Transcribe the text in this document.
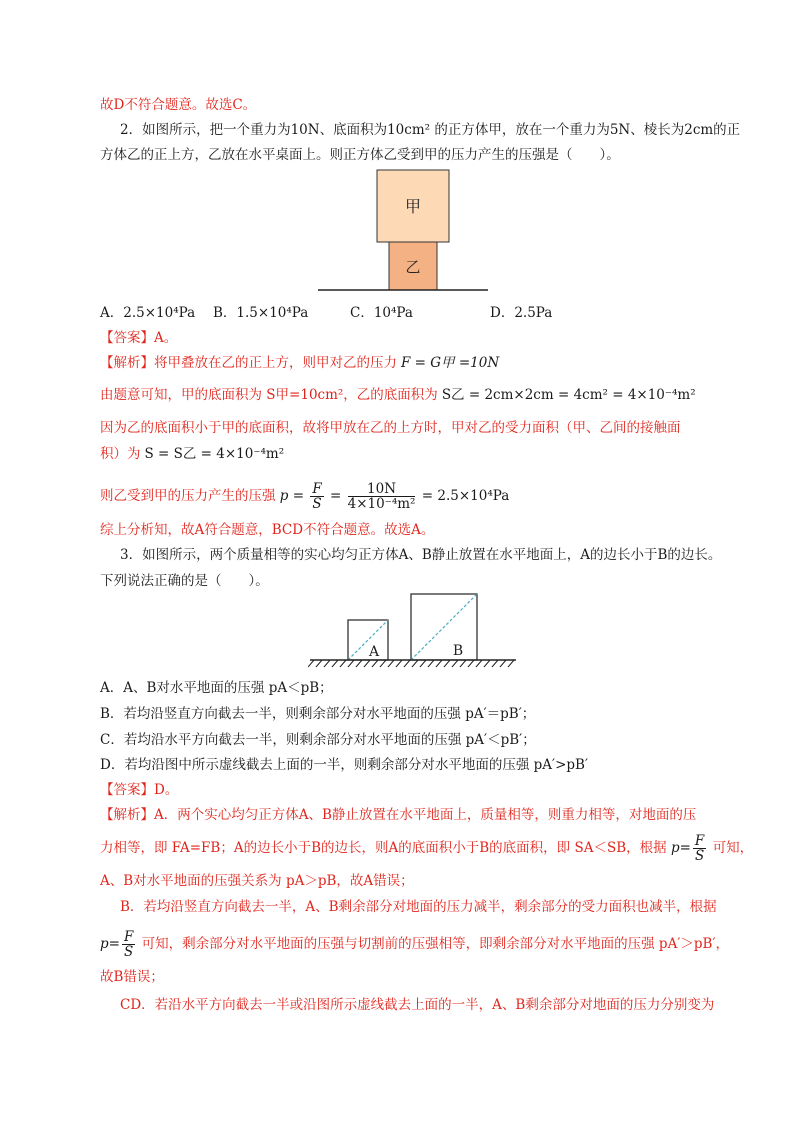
故D不符合题意。故选C。
2．如图所示，把一个重力为10N、底面积为10cm² 的正方体甲，放在一个重力为5N、棱长为2cm的正
方体乙的正上方，乙放在水平桌面上。则正方体乙受到甲的压力产生的压强是（　　）。
甲
乙
A．2.5×10⁴Pa B．1.5×10⁴Pa	C．10⁴Pa	D．2.5Pa
【答案】A。
【解析】将甲叠放在乙的正上方，则甲对乙的压力 F = G甲 =10N
由题意可知，甲的底面积为 S甲=10cm²，乙的底面积为 S乙 = 2cm×2cm = 4cm² = 4×10⁻⁴m²
因为乙的底面积小于甲的底面积，故将甲放在乙的上方时，甲对乙的受力面积（甲、乙间的接触面
积）为 S = S乙 = 4×10⁻⁴m²
则乙受到甲的压力产生的压强 $p = \frac{F}{S} = \frac{10N}{\text{4×10⁻⁴m²}} = 2.5\times 10^4Pa$
综上分析知，故A符合题意，BCD不符合题意。故选A。
3．如图所示，两个质量相等的实心均匀正方体A、B静止放置在水平地面上，A的边长小于B的边长。
下列说法正确的是（　　）。
A	B
A．A、B对水平地面的压强 pA＜pB；
B．若均沿竖直方向截去一半，则剩余部分对水平地面的压强 pA′＝pB′；
C．若均沿水平方向截去一半，则剩余部分对水平地面的压强 pA′＜pB′；
D．若均沿图中所示虚线截去上面的一半，则剩余部分对水平地面的压强 pA′>pB′
【答案】D。
【解析】A．两个实心均匀正方体A、B静止放置在水平地面上，质量相等，则重力相等，对地面的压
力相等，即 FA=FB；A的边长小于B的边长，则A的底面积小于B的底面积，即 SA＜SB，根据 $p= \frac{F}{S}$ 可知，
A、B对水平地面的压强关系为 pA＞pB，故A错误；
B．若均沿竖直方向截去一半，A、B剩余部分对地面的压力减半，剩余部分的受力面积也减半，根据
$p= \frac{F}{S}$ 可知，剩余部分对水平地面的压强与切割前的压强相等，即剩余部分对水平地面的压强 pA′＞pB′，
故B错误；
CD．若沿水平方向截去一半或沿图所示虚线截去上面的一半，A、B剩余部分对地面的压力分别变为
